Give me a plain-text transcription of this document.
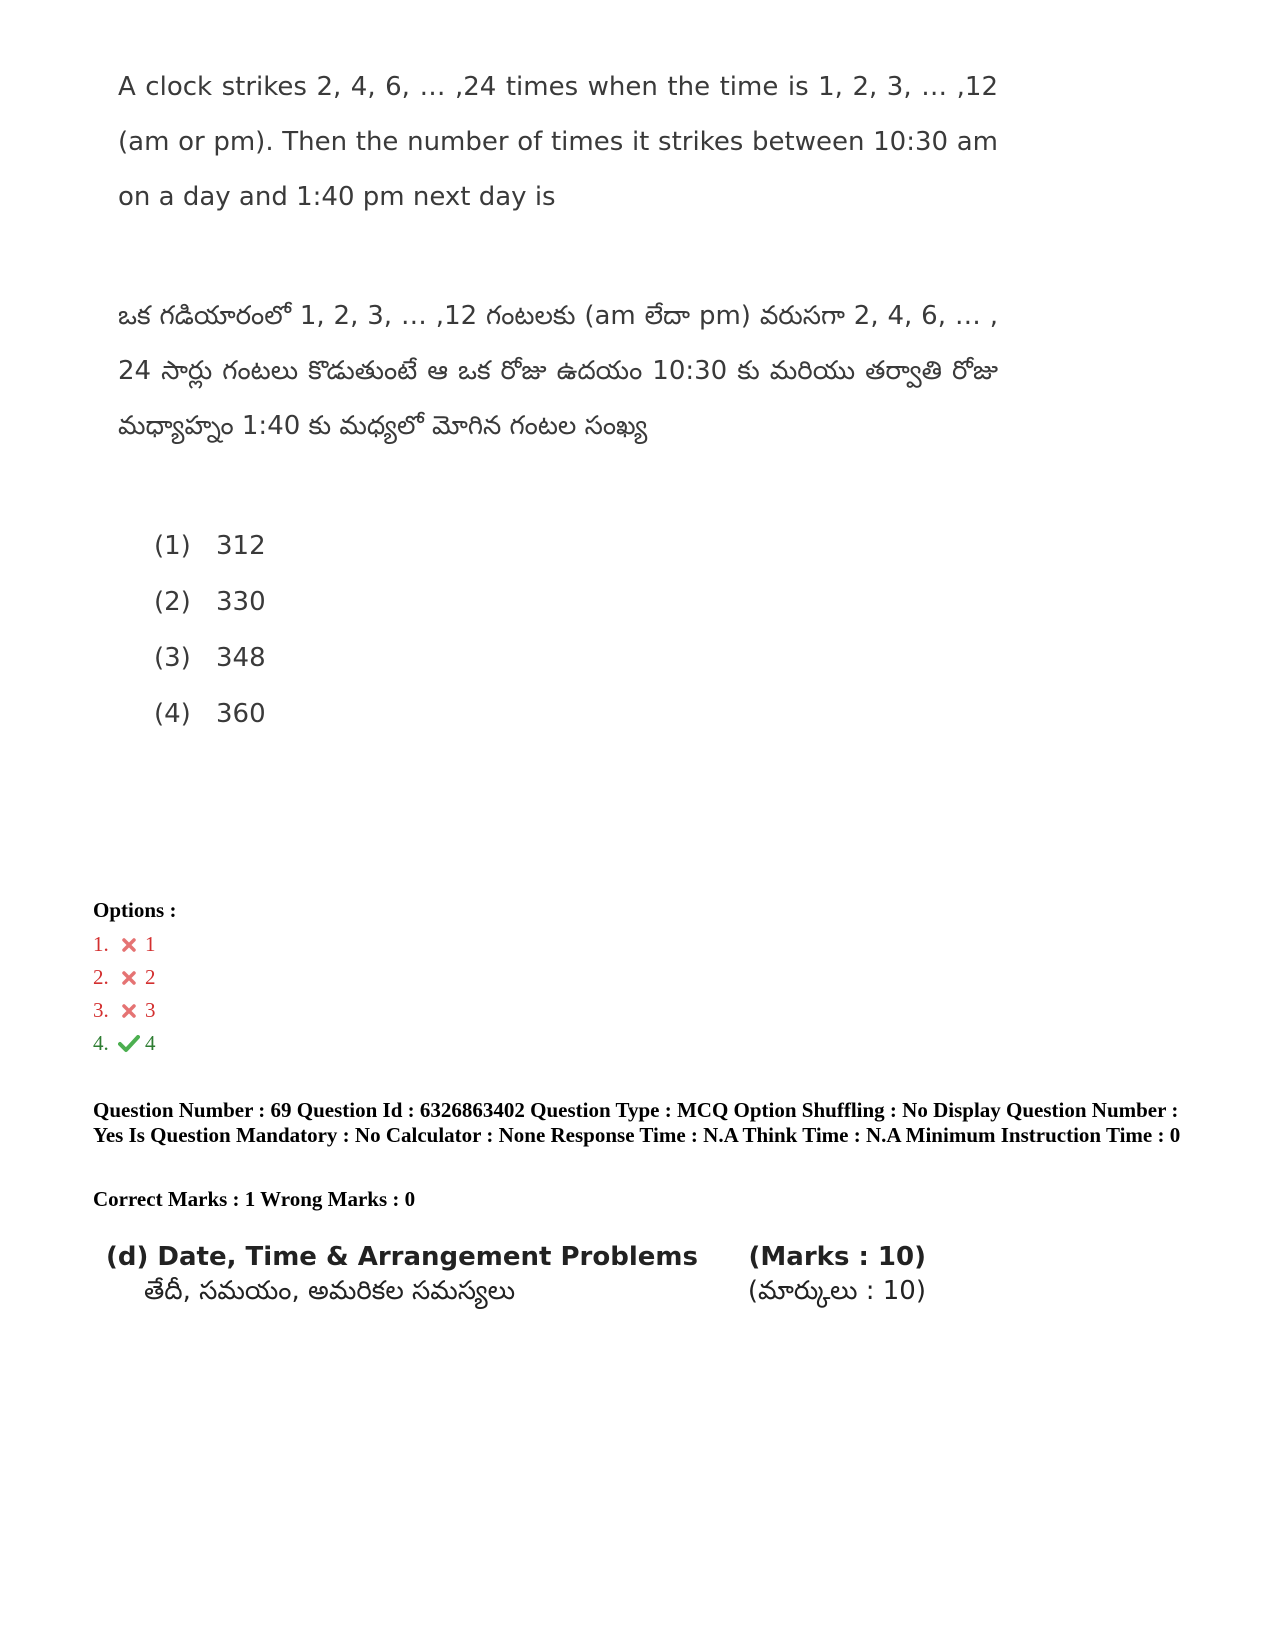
A clock strikes 2, 4, 6, … ,24 times when the time is 1, 2, 3, … ,12 (am or pm). Then the number of times it strikes between 10:30 am on a day and 1:40 pm next day is

ఒక గడియారంలో 1, 2, 3, … ,12 గంటలకు (am లేదా pm) వరుసగా 2, 4, 6, … , 24 సార్లు గంటలు కొడుతుంటే ఆ ఒక రోజు ఉదయం 10:30 కు మరియు తర్వాతి రోజు మధ్యాహ్నం 1:40 కు మధ్యలో మోగిన గంటల సంఖ్య

(1) 312
(2) 330
(3) 348
(4) 360
Options :
1. 1
2. 2
3. 3
4. 4
Question Number : 69 Question Id : 6326863402 Question Type : MCQ Option Shuffling : No Display Question Number : Yes Is Question Mandatory : No Calculator : None Response Time : N.A Think Time : N.A Minimum Instruction Time : 0
Correct Marks : 1 Wrong Marks : 0
(d) Date, Time & Arrangement Problems (Marks : 10)
తేదీ, సమయం, అమరికల సమస్యలు	(మార్కులు : 10)
